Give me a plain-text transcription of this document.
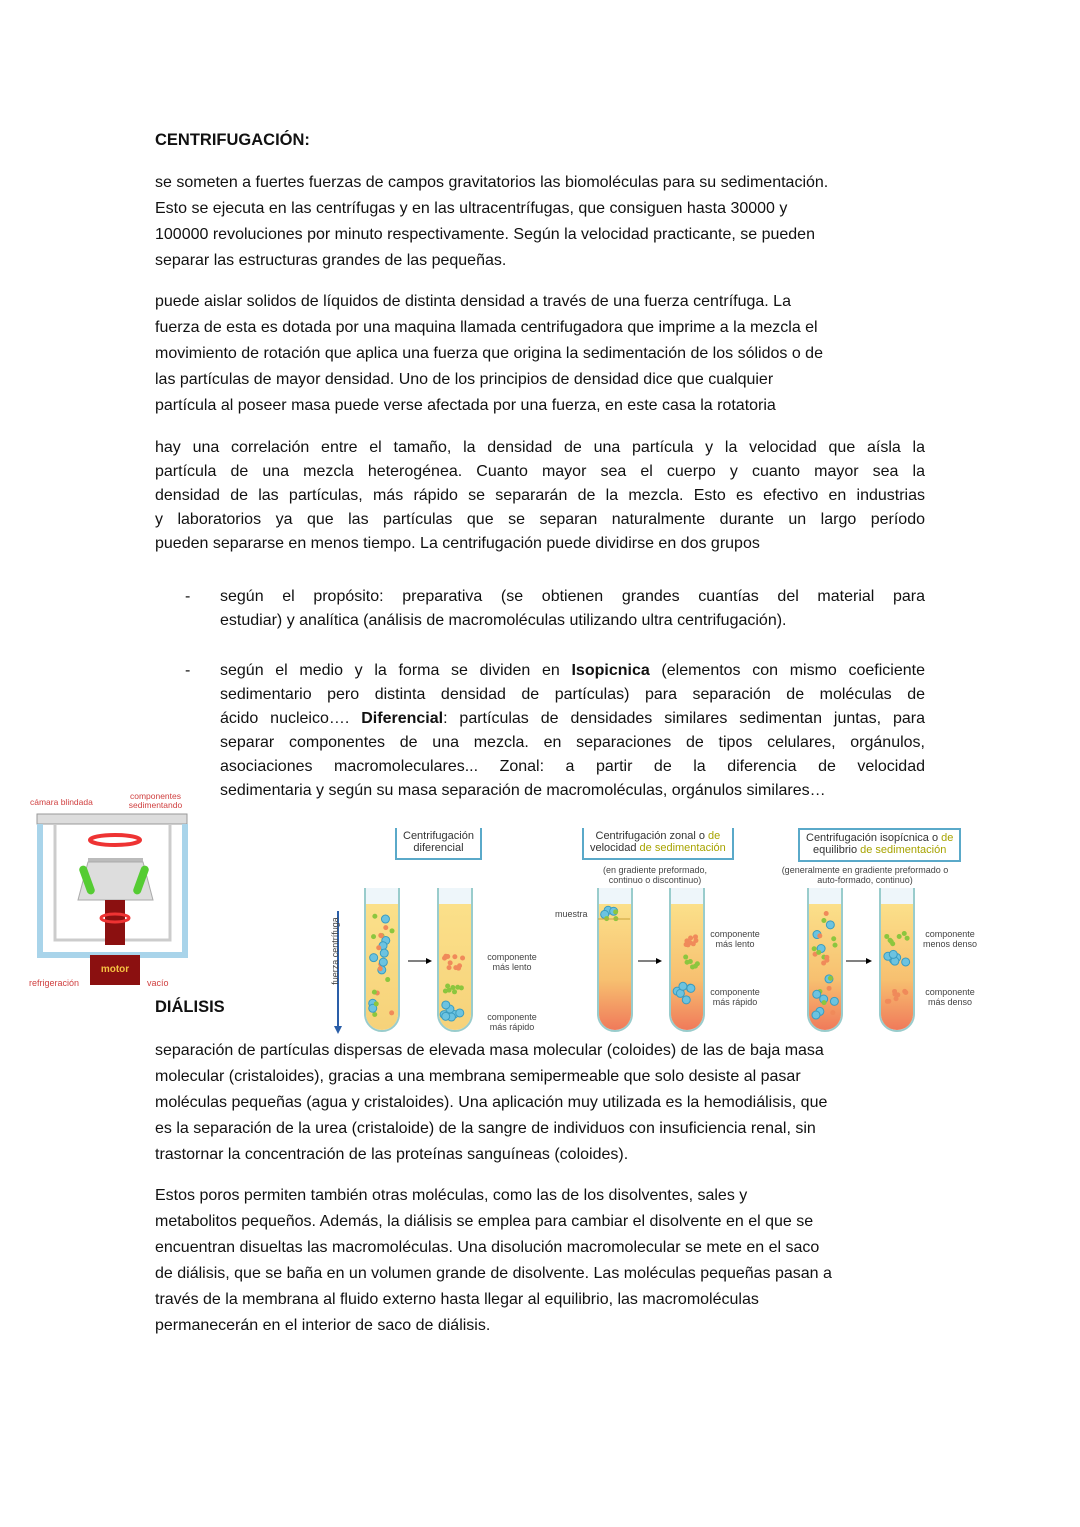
CENTRIFUGACIÓN:
se someten a fuertes fuerzas de campos gravitatorios las biomoléculas para su sedimentación.
Esto se ejecuta en las centrífugas y en las ultracentrífugas, que consiguen hasta 30000 y
100000 revoluciones por minuto respectivamente. Según la velocidad practicante, se pueden
separar las estructuras grandes de las pequeñas.
puede aislar solidos de líquidos de distinta densidad a través de una fuerza centrífuga. La
fuerza de esta es dotada por una maquina llamada centrifugadora que imprime a la mezcla el
movimiento de rotación que aplica una fuerza que origina la sedimentación de los sólidos o de
las partículas de mayor densidad. Uno de los principios de densidad dice que cualquier
partícula al poseer masa puede verse afectada por una fuerza, en este casa la rotatoria
hay una correlación entre el tamaño, la densidad de una partícula y la velocidad que aísla la
partícula de una mezcla heterogénea. Cuanto mayor sea el cuerpo y cuanto mayor sea la
densidad de las partículas, más rápido se separarán de la mezcla. Esto es efectivo en industrias
y laboratorios ya que las partículas que se separan naturalmente durante un largo período
pueden separarse en menos tiempo. La centrifugación puede dividirse en dos grupos
- según el propósito: preparativa (se obtienen grandes cuantías del material para
estudiar) y analítica (análisis de macromoléculas utilizando ultra centrifugación).
- según el medio y la forma se dividen en Isopicnica (elementos con mismo coeficiente
sedimentario pero distinta densidad de partículas) para separación de moléculas de
ácido nucleico…. Diferencial: partículas de densidades similares sedimentan juntas, para
separar componentes de una mezcla. en separaciones de tipos celulares, orgánulos,
asociaciones macromoleculares... Zonal: a partir de la diferencia de velocidad
sedimentaria y según su masa separación de macromoléculas, orgánulos similares…
cámara blindada
componentes sedimentando
motor
refrigeración	vacío
Centrifugación
diferencial
Centrifugación zonal o de
velocidad de sedimentación
Centrifugación isopícnica o de
equilibrio de sedimentación
(en gradiente preformado, continuo o discontinuo)
(generalmente en gradiente preformado o auto-formado, continuo)
fuerza centrífuga	componente más lento
componente más rápido
muestra
componente más lento
componente más rápido
componente menos denso
componente más denso
DIÁLISIS
separación de partículas dispersas de elevada masa molecular (coloides) de las de baja masa
molecular (cristaloides), gracias a una membrana semipermeable que solo desiste al pasar
moléculas pequeñas (agua y cristaloides). Una aplicación muy utilizada es la hemodiálisis, que
es la separación de la urea (cristaloide) de la sangre de individuos con insuficiencia renal, sin
trastornar la concentración de las proteínas sanguíneas (coloides).
Estos poros permiten también otras moléculas, como las de los disolventes, sales y
metabolitos pequeños. Además, la diálisis se emplea para cambiar el disolvente en el que se
encuentran disueltas las macromoléculas. Una disolución macromolecular se mete en el saco
de diálisis, que se baña en un volumen grande de disolvente. Las moléculas pequeñas pasan a
través de la membrana al fluido externo hasta llegar al equilibrio, las macromoléculas
permanecerán en el interior de saco de diálisis.
